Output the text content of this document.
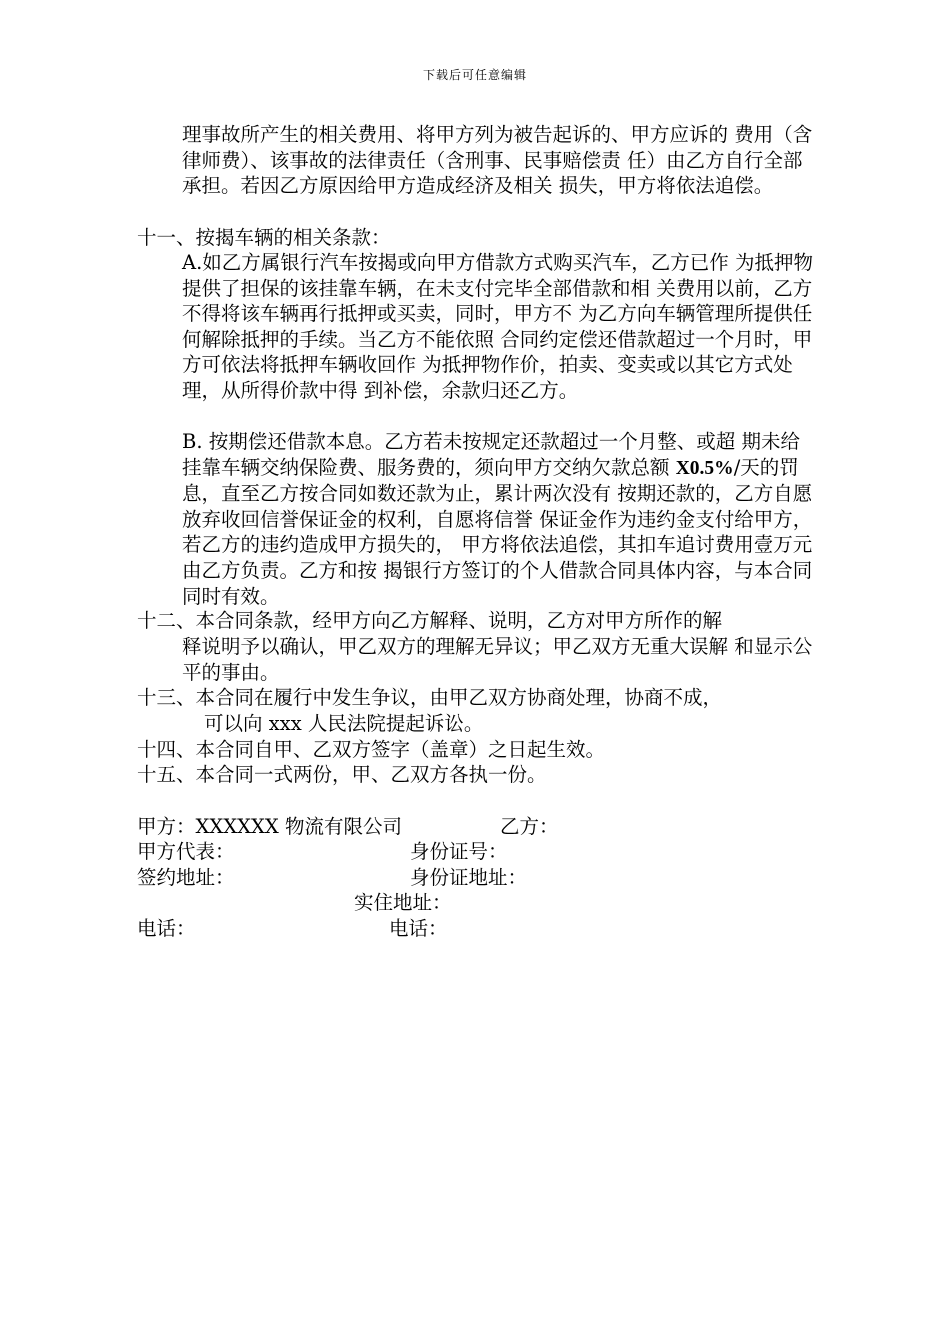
下载后可任意编辑
理事故所产生的相关费用、将甲方列为被告起诉的、甲方应诉的 费用（含律师费）、该事故的法律责任（含刑事、民事赔偿责 任）由乙方自行全部承担。若因乙方原因给甲方造成经济及相关 损失，甲方将依法追偿。
十一、按揭车辆的相关条款：
A.如乙方属银行汽车按揭或向甲方借款方式购买汽车，乙方已作 为抵押物提供了担保的该挂靠车辆，在未支付完毕全部借款和相 关费用以前，乙方不得将该车辆再行抵押或买卖，同时，甲方不 为乙方向车辆管理所提供任何解除抵押的手续。当乙方不能依照 合同约定偿还借款超过一个月时，甲方可依法将抵押车辆收回作 为抵押物作价，拍卖、变卖或以其它方式处理，从所得价款中得 到补偿，余款归还乙方。
B. 按期偿还借款本息。乙方若未按规定还款超过一个月整、或超 期未给挂靠车辆交纳保险费、服务费的，须向甲方交纳欠款总额 X0.5%/天的罚息，直至乙方按合同如数还款为止，累计两次没有 按期还款的，乙方自愿放弃收回信誉保证金的权利，自愿将信誉 保证金作为违约金支付给甲方，若乙方的违约造成甲方损失的， 甲方将依法追偿，其扣车追讨费用壹万元由乙方负责。乙方和按 揭银行方签订的个人借款合同具体内容，与本合同同时有效。
十二、本合同条款，经甲方向乙方解释、说明，乙方对甲方所作的解
释说明予以确认，甲乙双方的理解无异议；甲乙双方无重大误解 和显示公平的事由。
十三、本合同在履行中发生争议，由甲乙双方协商处理，协商不成，
可以向 xxx 人民法院提起诉讼。
十四、本合同自甲、乙双方签字（盖章）之日起生效。
十五、本合同一式两份，甲、乙双方各执一份。
甲方：XXXXXX 物流有限公司	乙方：
甲方代表：	身份证号：
签约地址：	身份证地址：
实住地址：
电话：	电话：
